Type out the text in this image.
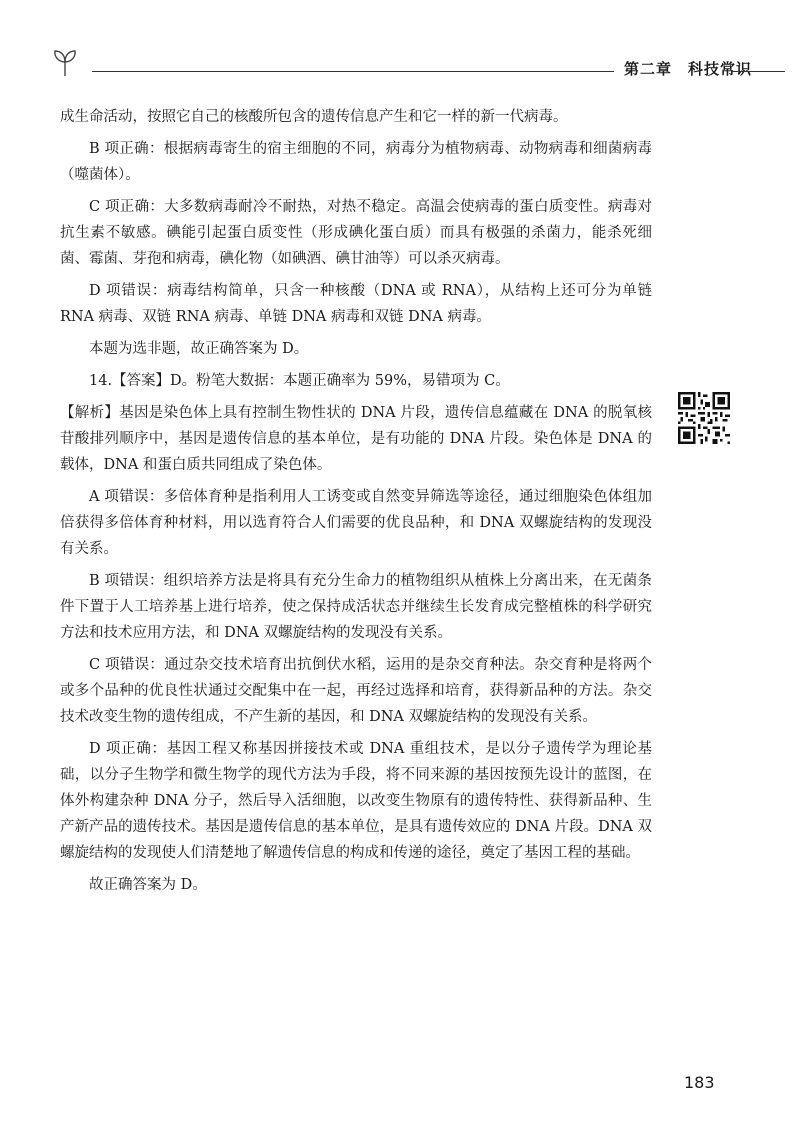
第二章　科技常识

成生命活动，按照它自己的核酸所包含的遗传信息产生和它一样的新一代病毒。

B 项正确：根据病毒寄生的宿主细胞的不同，病毒分为植物病毒、动物病毒和细菌病毒（噬菌体）。

C 项正确：大多数病毒耐冷不耐热，对热不稳定。高温会使病毒的蛋白质变性。病毒对抗生素不敏感。碘能引起蛋白质变性（形成碘化蛋白质）而具有极强的杀菌力，能杀死细菌、霉菌、芽孢和病毒，碘化物（如碘酒、碘甘油等）可以杀灭病毒。

D 项错误：病毒结构简单，只含一种核酸（DNA 或 RNA），从结构上还可分为单链 RNA 病毒、双链 RNA 病毒、单链 DNA 病毒和双链 DNA 病毒。

本题为选非题，故正确答案为 D。

14.【答案】D。粉笔大数据：本题正确率为 59%，易错项为 C。

【解析】基因是染色体上具有控制生物性状的 DNA 片段，遗传信息蕴藏在 DNA 的脱氧核苷酸排列顺序中，基因是遗传信息的基本单位，是有功能的 DNA 片段。染色体是 DNA 的载体，DNA 和蛋白质共同组成了染色体。

A 项错误：多倍体育种是指利用人工诱变或自然变异筛选等途径，通过细胞染色体组加倍获得多倍体育种材料，用以选育符合人们需要的优良品种，和 DNA 双螺旋结构的发现没有关系。

B 项错误：组织培养方法是将具有充分生命力的植物组织从植株上分离出来，在无菌条件下置于人工培养基上进行培养，使之保持成活状态并继续生长发育成完整植株的科学研究方法和技术应用方法，和 DNA 双螺旋结构的发现没有关系。

C 项错误：通过杂交技术培育出抗倒伏水稻，运用的是杂交育种法。杂交育种是将两个或多个品种的优良性状通过交配集中在一起，再经过选择和培育，获得新品种的方法。杂交技术改变生物的遗传组成，不产生新的基因，和 DNA 双螺旋结构的发现没有关系。

D 项正确：基因工程又称基因拼接技术或 DNA 重组技术，是以分子遗传学为理论基础，以分子生物学和微生物学的现代方法为手段，将不同来源的基因按预先设计的蓝图，在体外构建杂种 DNA 分子，然后导入活细胞，以改变生物原有的遗传特性、获得新品种、生产新产品的遗传技术。基因是遗传信息的基本单位，是具有遗传效应的 DNA 片段。DNA 双螺旋结构的发现使人们清楚地了解遗传信息的构成和传递的途径，奠定了基因工程的基础。

故正确答案为 D。

183
